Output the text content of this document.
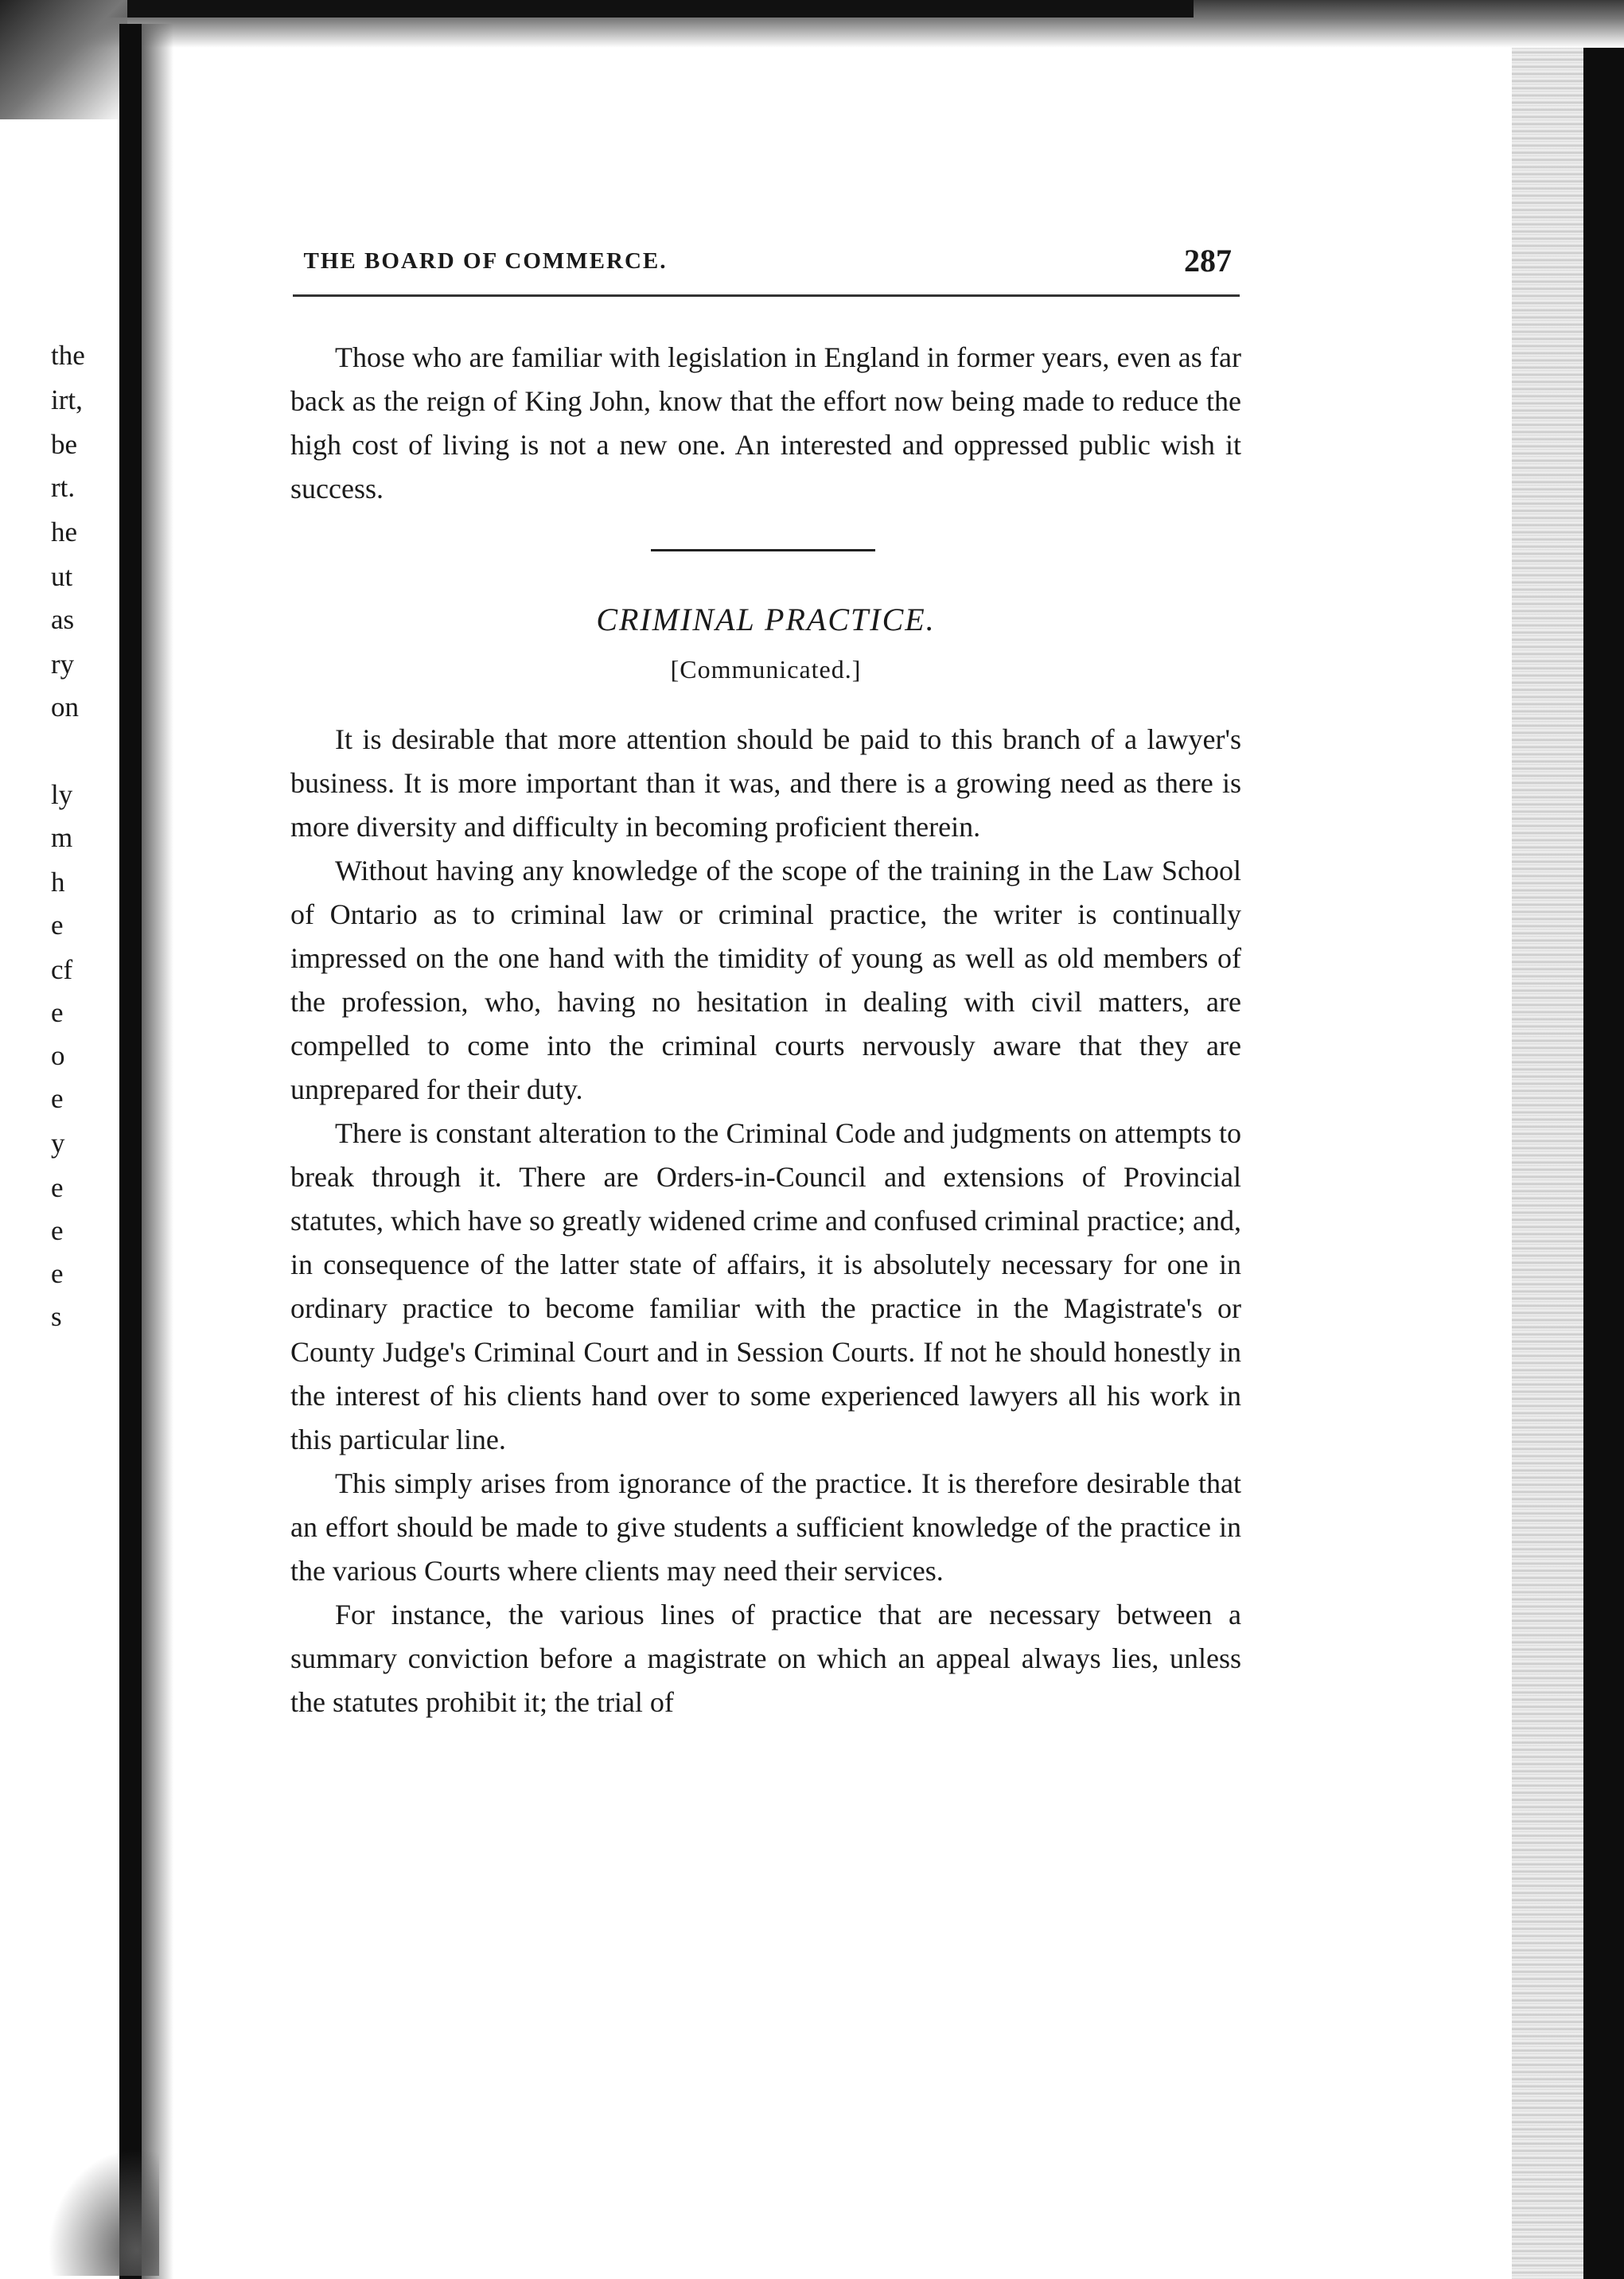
the
irt,
be
rt.
he
ut
as
ry
on
ly
m
h
e
cf
e
o
e
y
e
e
e
s
THE BOARD OF COMMERCE.	287

Those who are familiar with legislation in England in former years, even as far back as the reign of King John, know that the effort now being made to reduce the high cost of living is not a new one. An interested and oppressed public wish it success.

CRIMINAL PRACTICE.
[Communicated.]

It is desirable that more attention should be paid to this branch of a lawyer's business. It is more important than it was, and there is a growing need as there is more diversity and difficulty in becoming proficient therein.

Without having any knowledge of the scope of the training in the Law School of Ontario as to criminal law or criminal practice, the writer is continually impressed on the one hand with the timidity of young as well as old members of the profession, who, having no hesitation in dealing with civil matters, are compelled to come into the criminal courts nervously aware that they are unprepared for their duty.

There is constant alteration to the Criminal Code and judgments on attempts to break through it. There are Orders-in-Council and extensions of Provincial statutes, which have so greatly widened crime and confused criminal practice; and, in consequence of the latter state of affairs, it is absolutely necessary for one in ordinary practice to become familiar with the practice in the Magistrate's or County Judge's Criminal Court and in Session Courts. If not he should honestly in the interest of his clients hand over to some experienced lawyers all his work in this particular line.

This simply arises from ignorance of the practice. It is therefore desirable that an effort should be made to give students a sufficient knowledge of the practice in the various Courts where clients may need their services.

For instance, the various lines of practice that are necessary between a summary conviction before a magistrate on which an appeal always lies, unless the statutes prohibit it; the trial of
